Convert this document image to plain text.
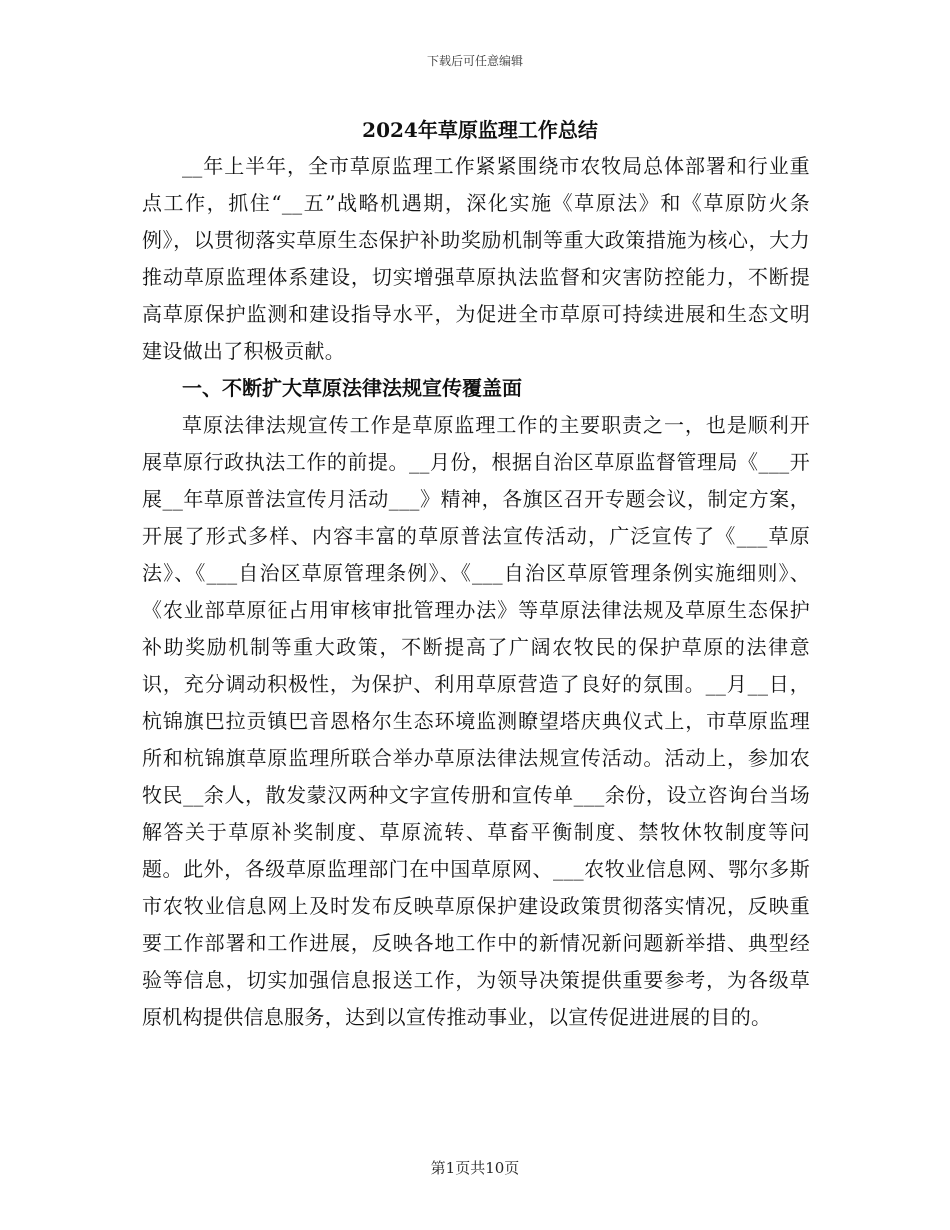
下载后可任意编辑
2024年草原监理工作总结

__年上半年，全市草原监理工作紧紧围绕市农牧局总体部署和行业重点工作，抓住“__五”战略机遇期，深化实施《草原法》和《草原防火条例》，以贯彻落实草原生态保护补助奖励机制等重大政策措施为核心，大力推动草原监理体系建设，切实增强草原执法监督和灾害防控能力，不断提高草原保护监测和建设指导水平，为促进全市草原可持续进展和生态文明建设做出了积极贡献。

一、不断扩大草原法律法规宣传覆盖面

草原法律法规宣传工作是草原监理工作的主要职责之一，也是顺利开展草原行政执法工作的前提。__月份，根据自治区草原监督管理局《___开展__年草原普法宣传月活动___》精神，各旗区召开专题会议，制定方案，开展了形式多样、内容丰富的草原普法宣传活动，广泛宣传了《___草原法》、《___自治区草原管理条例》、《___自治区草原管理条例实施细则》、《农业部草原征占用审核审批管理办法》等草原法律法规及草原生态保护补助奖励机制等重大政策，不断提高了广阔农牧民的保护草原的法律意识，充分调动积极性，为保护、利用草原营造了良好的氛围。__月__日，杭锦旗巴拉贡镇巴音恩格尔生态环境监测瞭望塔庆典仪式上，市草原监理所和杭锦旗草原监理所联合举办草原法律法规宣传活动。活动上，参加农牧民__余人，散发蒙汉两种文字宣传册和宣传单___余份，设立咨询台当场解答关于草原补奖制度、草原流转、草畜平衡制度、禁牧休牧制度等问题。此外，各级草原监理部门在中国草原网、___农牧业信息网、鄂尔多斯市农牧业信息网上及时发布反映草原保护建设政策贯彻落实情况，反映重要工作部署和工作进展，反映各地工作中的新情况新问题新举措、典型经验等信息，切实加强信息报送工作，为领导决策提供重要参考，为各级草原机构提供信息服务，达到以宣传推动事业，以宣传促进进展的目的。

第1页共10页
